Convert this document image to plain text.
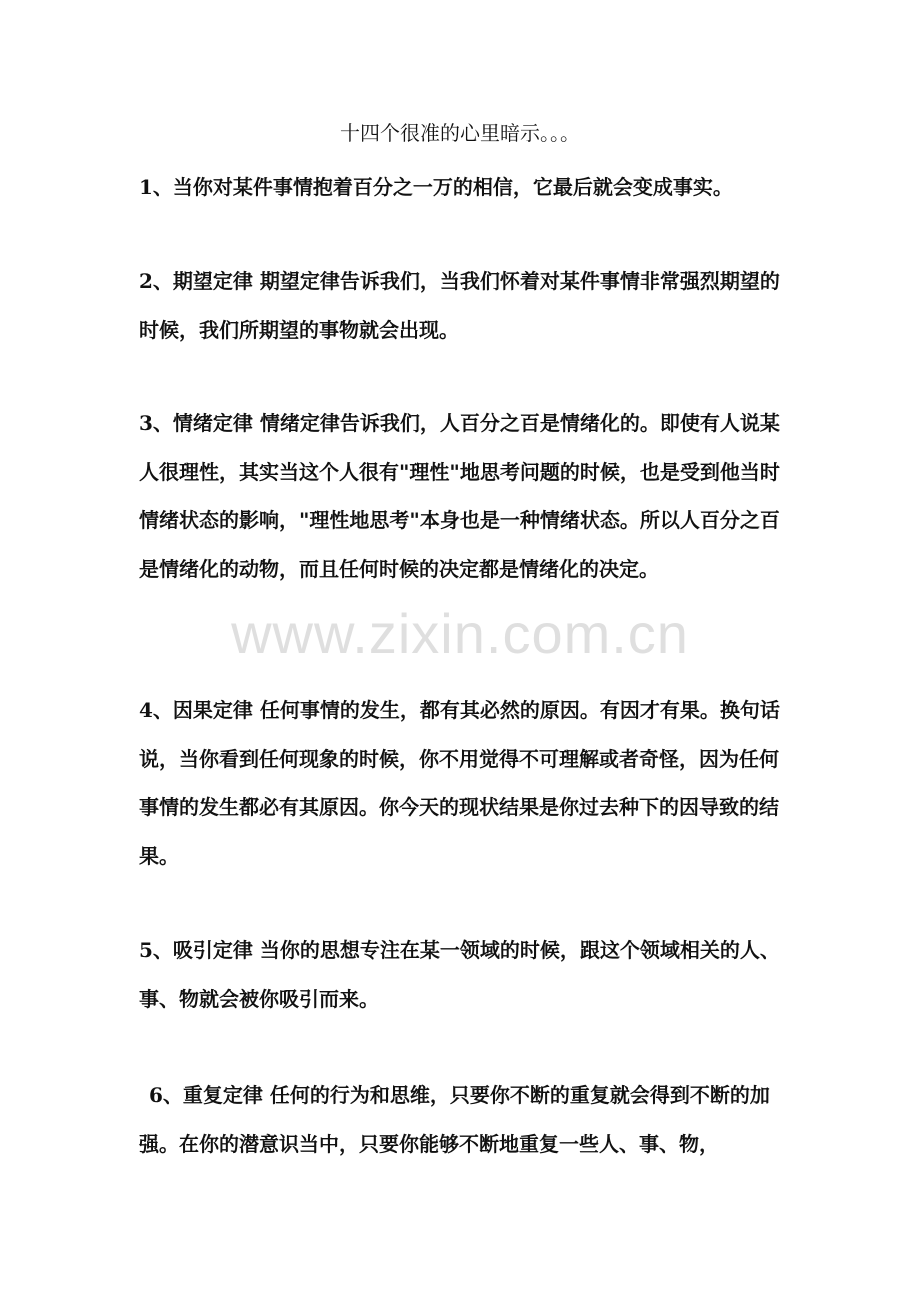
十四个很准的心里暗示。。。

1、当你对某件事情抱着百分之一万的相信，它最后就会变成事实。

2、期望定律 期望定律告诉我们，当我们怀着对某件事情非常强烈期望的时候，我们所期望的事物就会出现。

3、情绪定律 情绪定律告诉我们，人百分之百是情绪化的。即使有人说某人很理性，其实当这个人很有"理性"地思考问题的时候，也是受到他当时情绪状态的影响，"理性地思考"本身也是一种情绪状态。所以人百分之百是情绪化的动物，而且任何时候的决定都是情绪化的决定。

4、因果定律 任何事情的发生，都有其必然的原因。有因才有果。换句话说，当你看到任何现象的时候，你不用觉得不可理解或者奇怪，因为任何事情的发生都必有其原因。你今天的现状结果是你过去种下的因导致的结果。

5、吸引定律 当你的思想专注在某一领域的时候，跟这个领域相关的人、事、物就会被你吸引而来。

6、重复定律 任何的行为和思维，只要你不断的重复就会得到不断的加强。在你的潜意识当中，只要你能够不断地重复一些人、事、物，

www.zixin.com.cn
